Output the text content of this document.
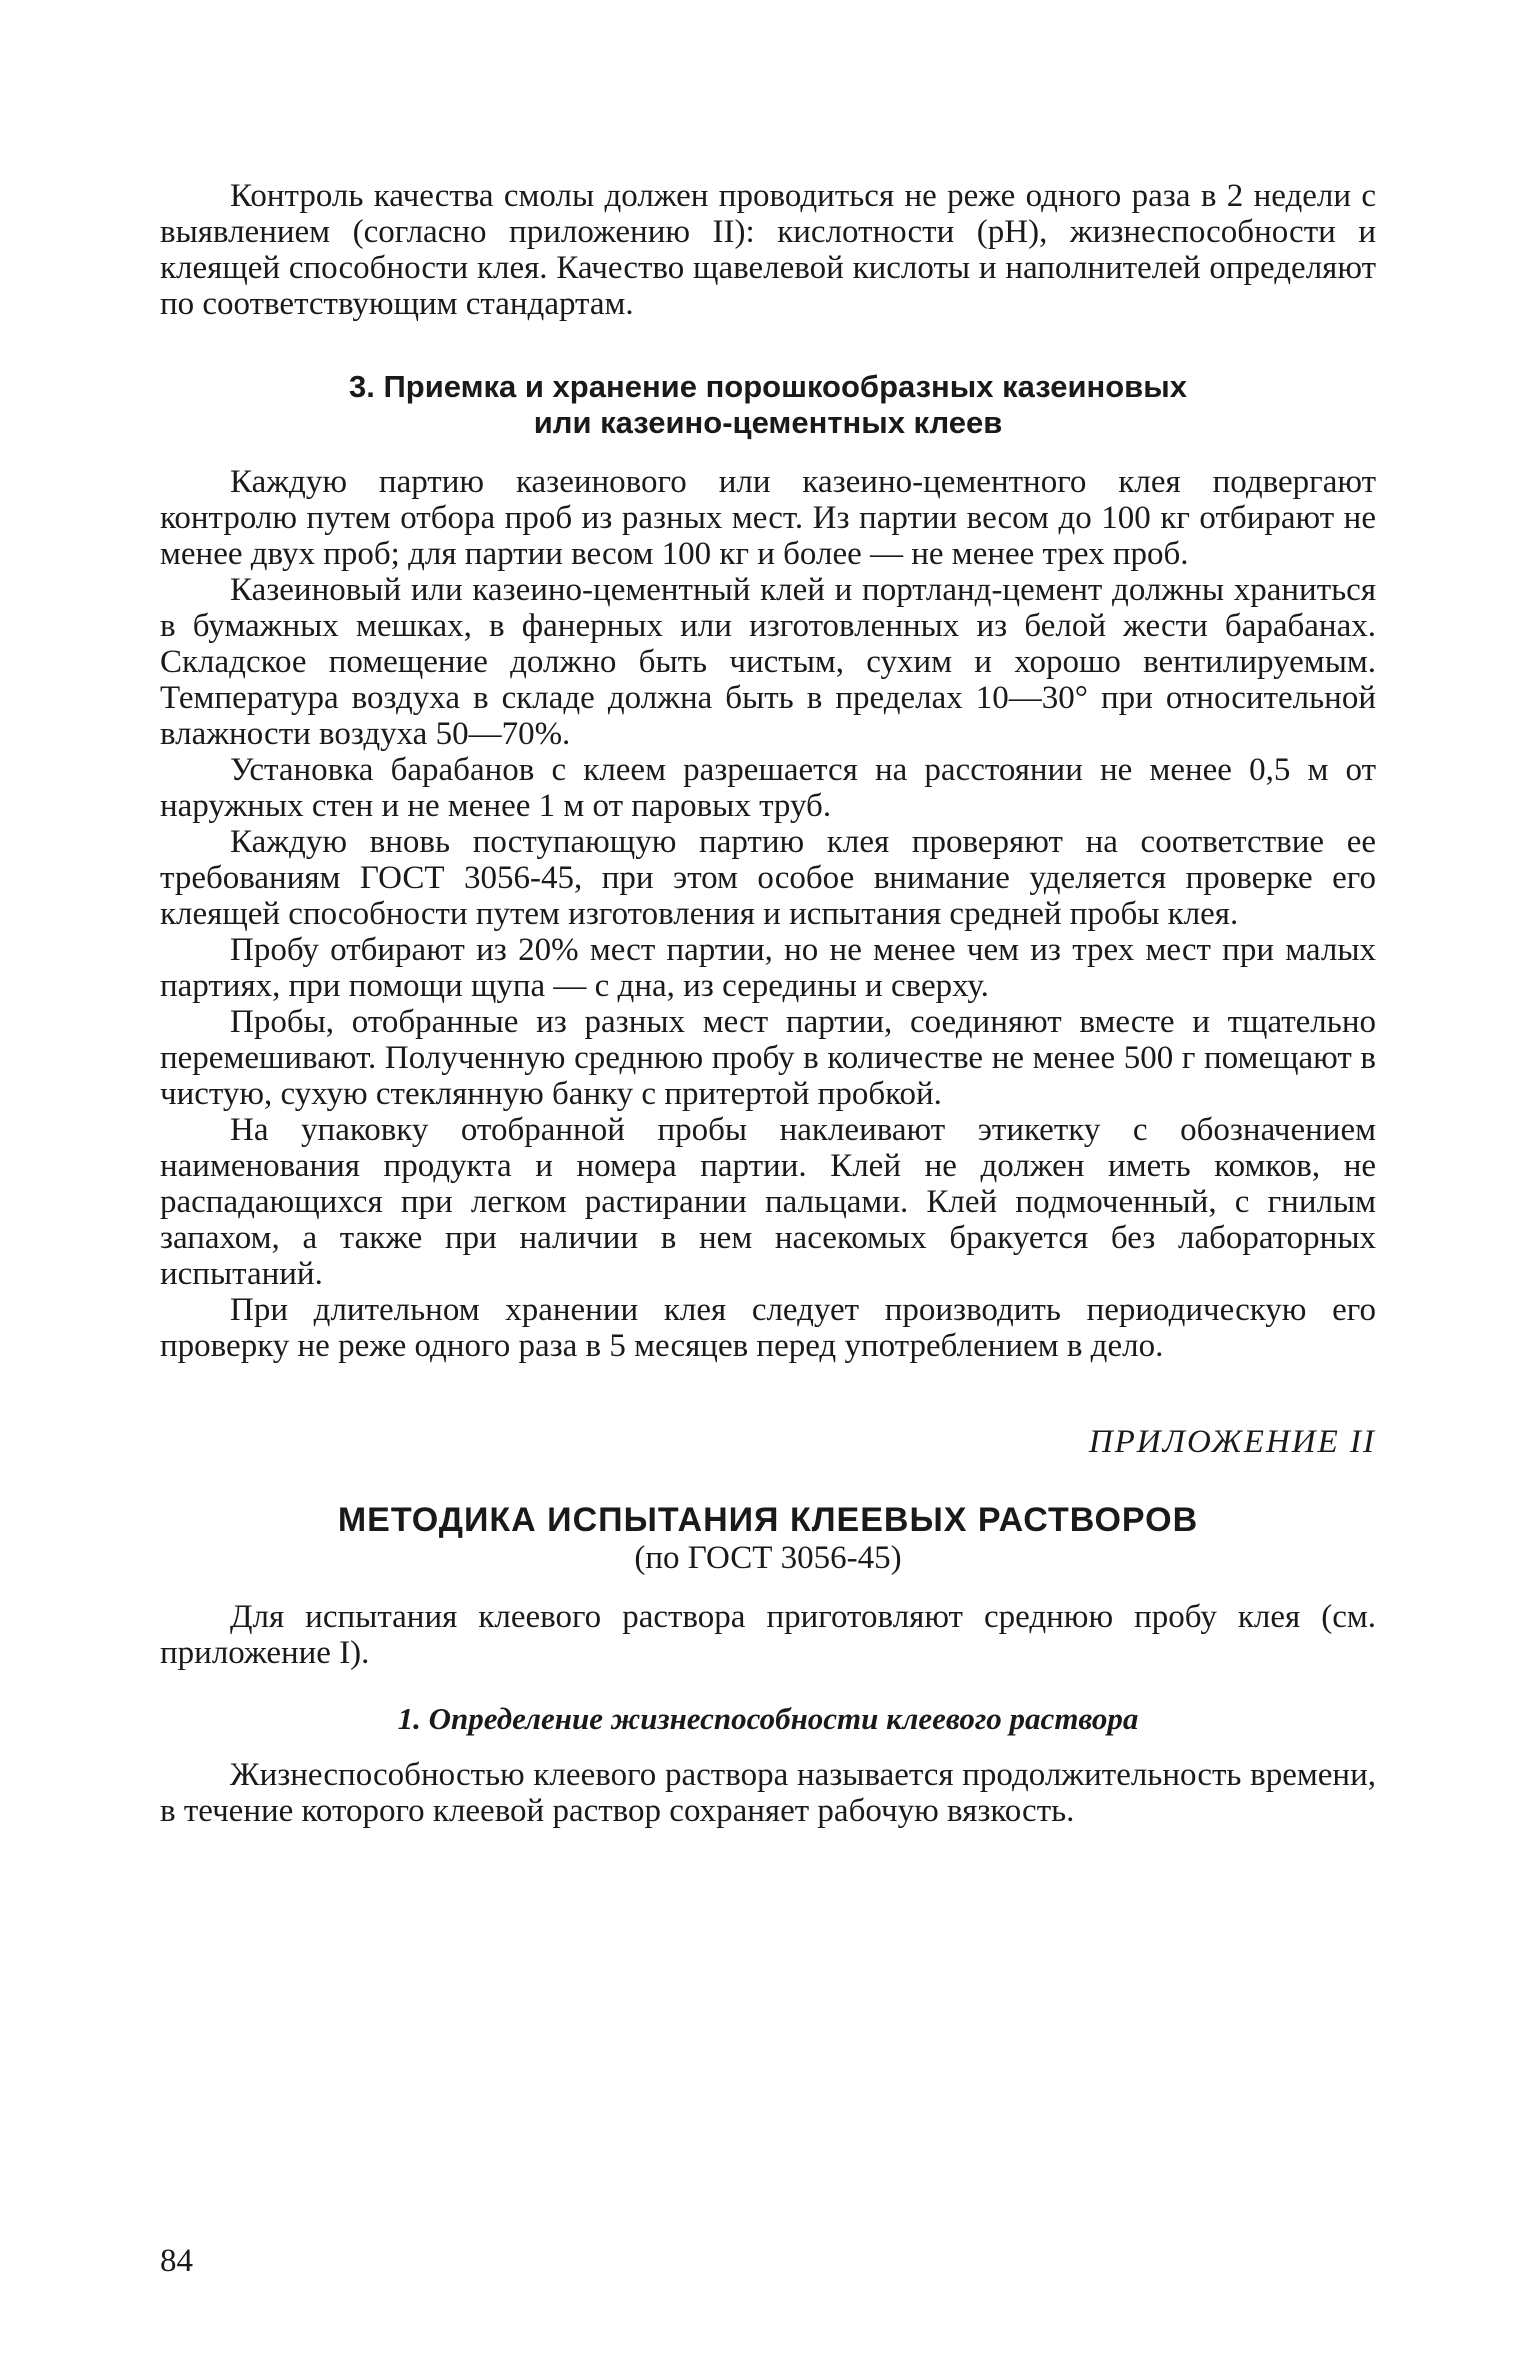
Контроль качества смолы должен проводиться не реже одного раза в 2 недели с выявлением (согласно приложению II): кислотности (pH), жизнеспособности и клеящей способности клея. Качество щавелевой кислоты и наполнителей определяют по соответствующим стандартам.

3. Приемка и хранение порошкообразных казеиновых

или казеино-цементных клеев

Каждую партию казеинового или казеино-цементного клея подвергают контролю путем отбора проб из разных мест. Из партии весом до 100 кг отбирают не менее двух проб; для партии весом 100 кг и более — не менее трех проб.

Казеиновый или казеино-цементный клей и портланд-цемент должны храниться в бумажных мешках, в фанерных или изготовленных из белой жести барабанах. Складское помещение должно быть чистым, сухим и хорошо вентилируемым. Температура воздуха в складе должна быть в пределах 10—30° при относительной влажности воздуха 50—70%.

Установка барабанов с клеем разрешается на расстоянии не менее 0,5 м от наружных стен и не менее 1 м от паровых труб.

Каждую вновь поступающую партию клея проверяют на соответствие ее требованиям ГОСТ 3056-45, при этом особое внимание уделяется проверке его клеящей способности путем изготовления и испытания средней пробы клея.

Пробу отбирают из 20% мест партии, но не менее чем из трех мест при малых партиях, при помощи щупа — с дна, из середины и сверху.

Пробы, отобранные из разных мест партии, соединяют вместе и тщательно перемешивают. Полученную среднюю пробу в количестве не менее 500 г помещают в чистую, сухую стеклянную банку с притертой пробкой.

На упаковку отобранной пробы наклеивают этикетку с обозначением наименования продукта и номера партии. Клей не должен иметь комков, не распадающихся при легком растирании пальцами. Клей подмоченный, с гнилым запахом, а также при наличии в нем насекомых бракуется без лабораторных испытаний.

При длительном хранении клея следует производить периодическую его проверку не реже одного раза в 5 месяцев перед употреблением в дело.

ПРИЛОЖЕНИЕ II

МЕТОДИКА ИСПЫТАНИЯ КЛЕЕВЫХ РАСТВОРОВ

(по ГОСТ 3056-45)

Для испытания клеевого раствора приготовляют среднюю пробу клея (см. приложение I).

1. Определение жизнеспособности клеевого раствора

Жизнеспособностью клеевого раствора называется продолжительность времени, в течение которого клеевой раствор сохраняет рабочую вязкость.

84
